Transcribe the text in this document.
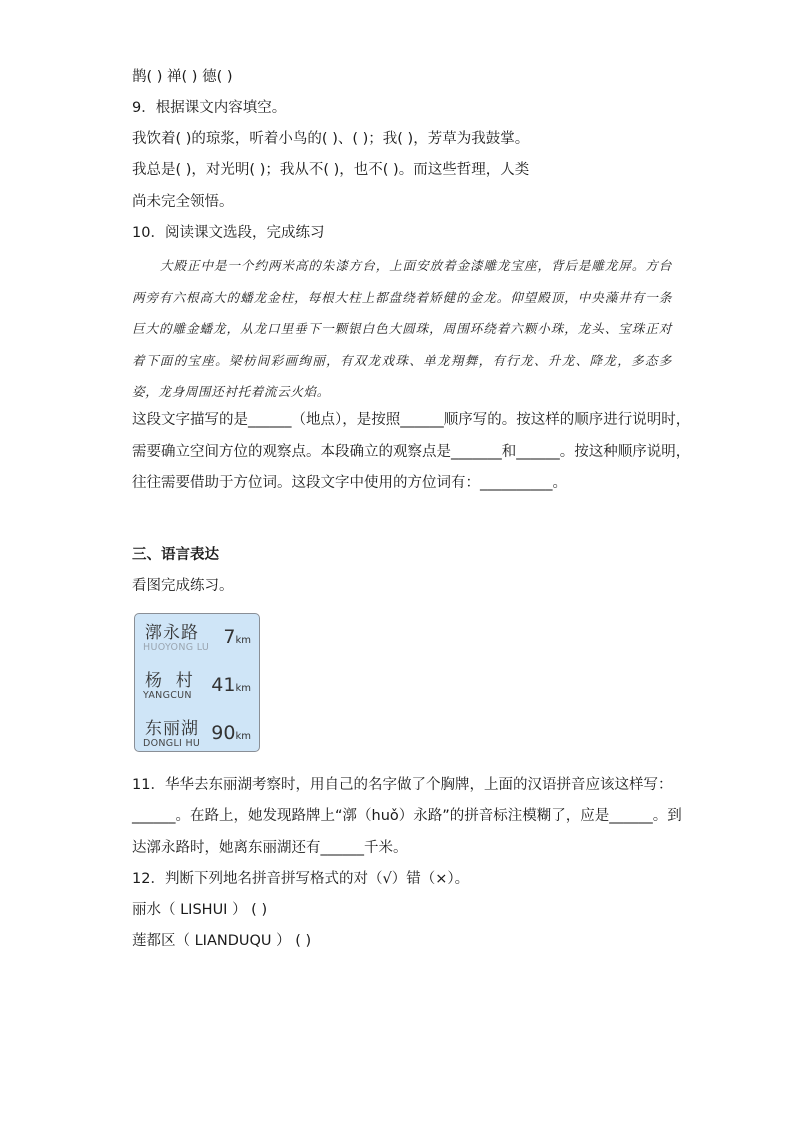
鹊( ) 禅( ) 德( )
9．根据课文内容填空。
我饮着( )的琼浆，听着小鸟的( )、( )；我( )，芳草为我鼓掌。
我总是( )，对光明( )；我从不( )，也不( )。而这些哲理，人类
尚未完全领悟。
10．阅读课文选段，完成练习
大殿正中是一个约两米高的朱漆方台，上面安放着金漆雕龙宝座，背后是雕龙屏。方台两旁有六根高大的蟠龙金柱，每根大柱上都盘绕着矫健的金龙。仰望殿顶，中央藻井有一条巨大的雕金蟠龙，从龙口里垂下一颗银白色大圆珠，周围环绕着六颗小珠，龙头、宝珠正对着下面的宝座。梁枋间彩画绚丽，有双龙戏珠、单龙翔舞，有行龙、升龙、降龙，多态多姿，龙身周围还衬托着流云火焰。
这段文字描写的是______（地点），是按照______顺序写的。按这样的顺序进行说明时，
需要确立空间方位的观察点。本段确立的观察点是_______和______。按这种顺序说明，
往往需要借助于方位词。这段文字中使用的方位词有：__________。
三、语言表达
看图完成练习。
漷永路
HUOYONG LU 7km
杨  村
YANGCUN 41km
东丽湖
DONGLI HU 90km
11．华华去东丽湖考察时，用自己的名字做了个胸牌，上面的汉语拼音应该这样写：
______。在路上，她发现路牌上“漷（huǒ）永路”的拼音标注模糊了，应是______。到
达漷永路时，她离东丽湖还有______千米。
12．判断下列地名拼音拼写格式的对（√）错（×）。
丽水（ LISHUI ） ( )
莲都区（ LIANDUQU ） ( )
